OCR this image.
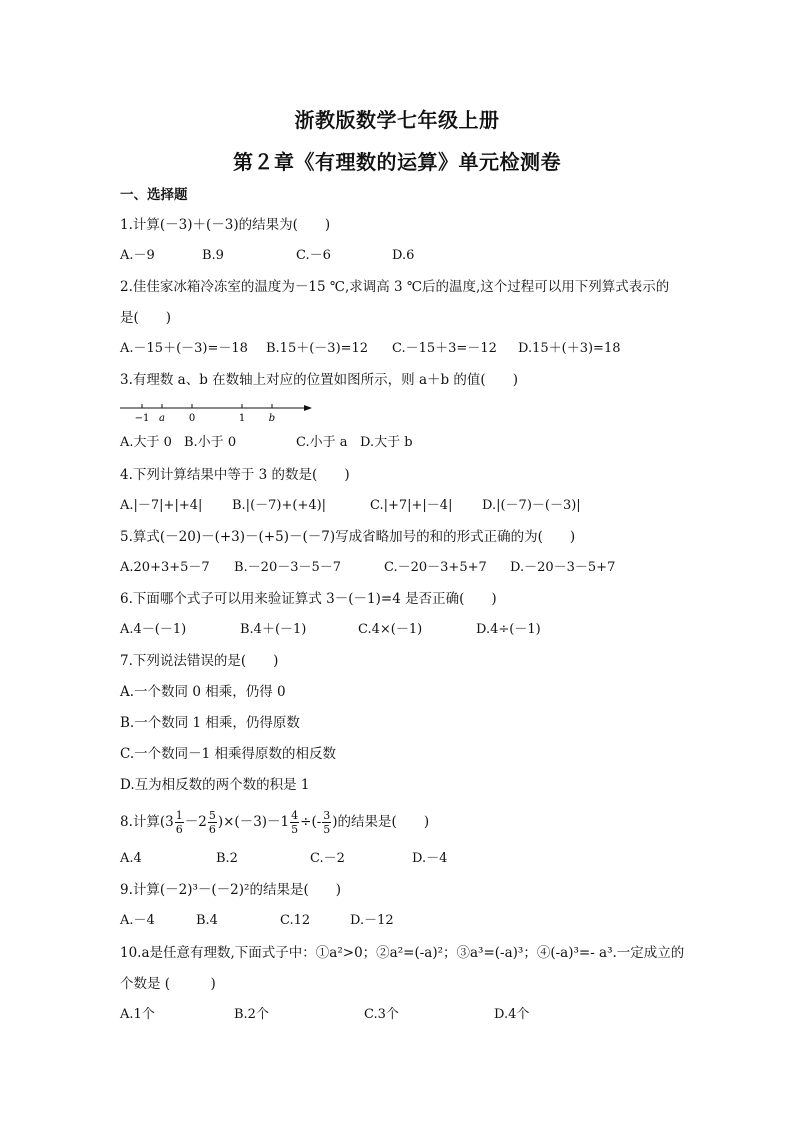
浙教版数学七年级上册
第２章《有理数的运算》单元检测卷
一、选择题
1.计算(－3)＋(－3)的结果为(　　)
A.－9	B.9	C.－6	D.6
2.佳佳家冰箱冷冻室的温度为－15 ℃,求调高 3 ℃后的温度,这个过程可以用下列算式表示的
是(　　)
A.－15＋(－3)=－18 B.15＋(－3)=12 C.－15＋3=－12 D.15＋(＋3)=18
3.有理数 a、b 在数轴上对应的位置如图所示，则 a＋b 的值(　　)
−1 a 0	1 b
A.大于 0 B.小于 0	C.小于 a D.大于 b
4.下列计算结果中等于 3 的数是(　　)
A.|－7|+|+4| B.|(－7)+(+4)|	C.|+7|+|－4| D.|(－7)－(－3)|
5.算式(－20)－(+3)－(+5)－(－7)写成省略加号的和的形式正确的为(　　)
A.20+3+5－7 B.－20－3－5－7	C.－20－3+5+7 D.－20－3－5+7
6.下面哪个式子可以用来验证算式 3－(－1)=4 是否正确(　　)
A.4－(－1)	B.4＋(－1)	C.4×(－1)	D.4÷(－1)
7.下列说法错误的是(　　)
A.一个数同 0 相乘，仍得 0
B.一个数同 1 相乘，仍得原数
C.一个数同－1 相乘得原数的相反数
D.互为相反数的两个数的积是 1
8.计算$(3 \frac{1}{6} -2 \frac{5}{6} )\times(-3)-1 \frac{4}{5}$ ÷(- $\frac{3}{5}$ )的结果是(　　)
A.4	B.2	C.－2	D.－4
9.计算(－2)³－(－2)²的结果是(　　)
A.－4	B.4	C.12	D.－12
10.a是任意有理数,下面式子中：①a²>0；②a²=(-a)²；③a³=(-a)³；④(-a)³=- a³.一定成立的
个数是 (　　　)
A.1个	B.2个	C.3个	D.4个
